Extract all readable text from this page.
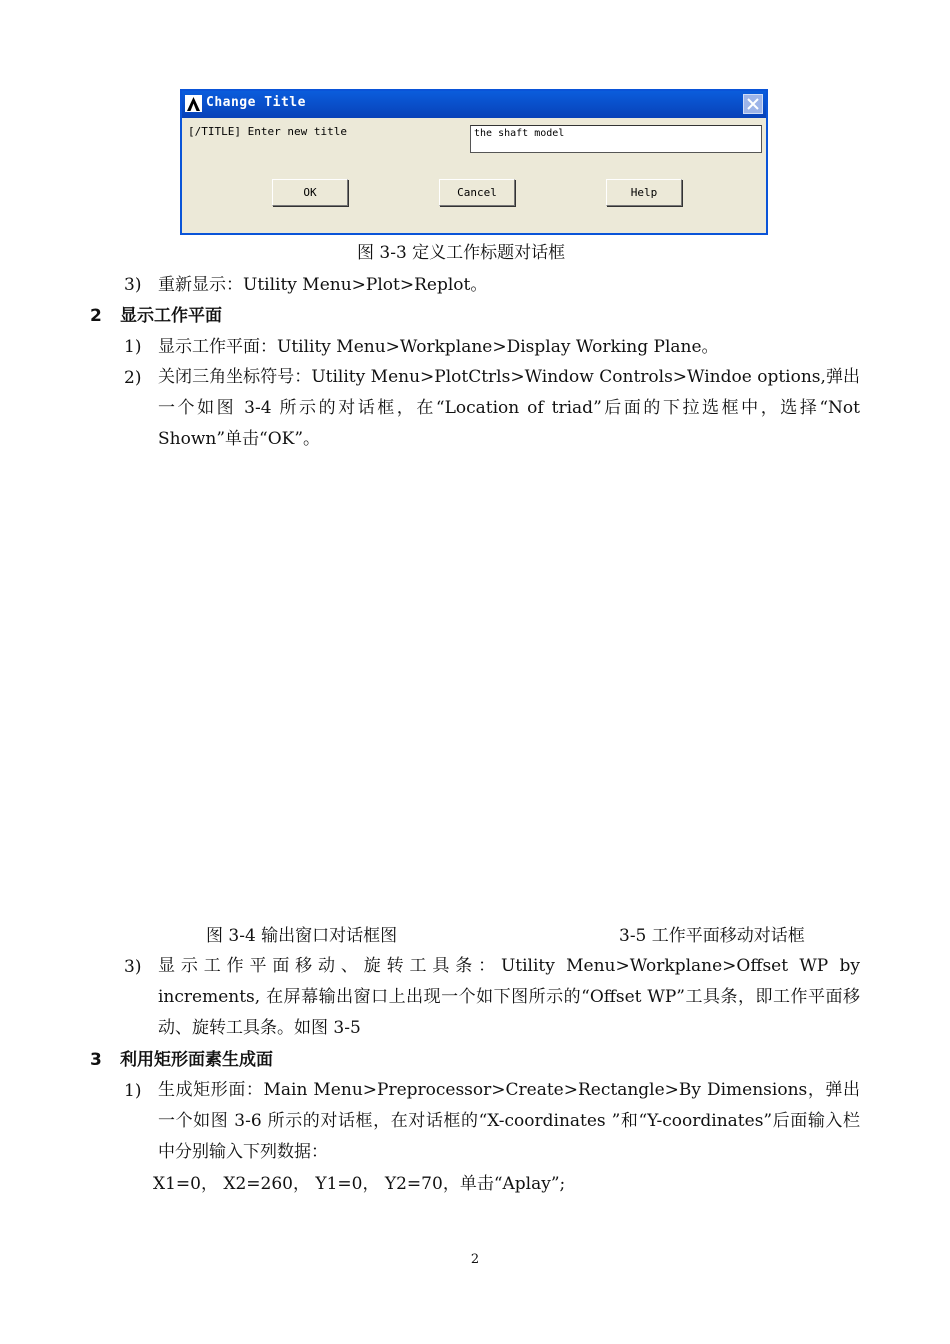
Change Title
[/TITLE] Enter new title	the shaft model
OK	Cancel	Help
图 3-3 定义工作标题对话框
3) 重新显示：Utility Menu>Plot>Replot。
2 显示工作平面
1) 显示工作平面：Utility Menu>Workplane>Display Working Plane。
2) 关闭三角坐标符号：Utility Menu>PlotCtrls>Window Controls>Windoe options,弹出一个如图 3-4 所示的对话框，在“Location of triad”后面的下拉选框中，选择“Not Shown”单击“OK”。
图 3-4 输出窗口对话框图	3-5 工作平面移动对话框
3) 显示工作平面移动、旋转工具条：Utility Menu>Workplane>Offset WP by increments, 在屏幕输出窗口上出现一个如下图所示的“Offset WP”工具条，即工作平面移动、旋转工具条。如图 3-5
3 利用矩形面素生成面
1) 生成矩形面：Main Menu>Preprocessor>Create>Rectangle>By Dimensions，弹出一个如图 3-6 所示的对话框，在对话框的“X-coordinates ”和“Y-coordinates”后面输入栏中分别输入下列数据：
X1=0， X2=260， Y1=0， Y2=70，单击“Aplay”;
2
